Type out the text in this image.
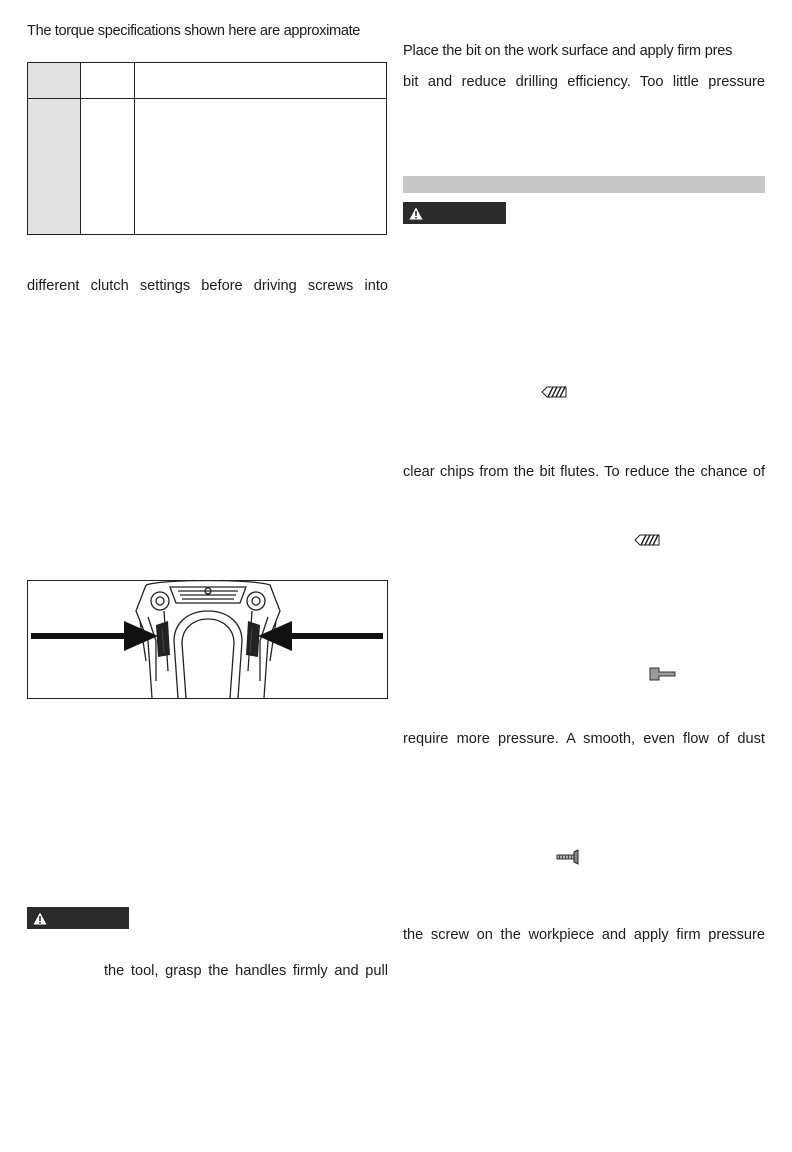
The torque specifications shown here are approximate
different clutch settings before driving screws into
the tool, grasp the handles firmly and pull
Place the bit on the work surface and apply firm pres
bit and reduce drilling efficiency. Too little pressure
clear chips from the bit flutes. To reduce the chance of
require more pressure. A smooth, even flow of dust
the screw on the workpiece and apply firm pressure
